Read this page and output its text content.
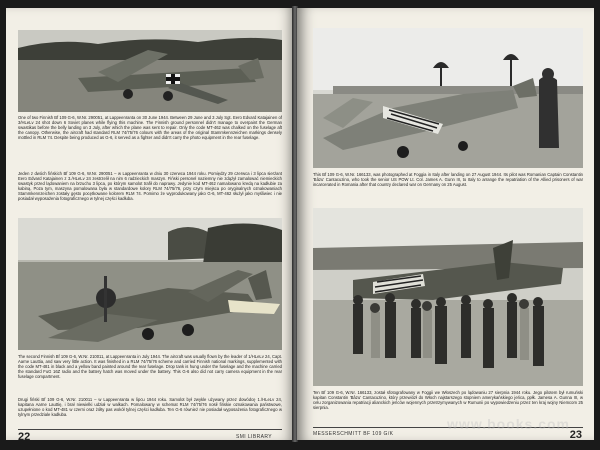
One of two Finnish Bf 109 G-6, W.Nr. 290051, at Lappeenranta on 30 June 1944. Between 29 June and 3 July Sgt. Eero Edvard Katajainen of 3/HLeLv 24 shot down 6 Soviet planes while flying this machine. The Finnish ground personnel didn't manage to overpaint the German swastikas before the belly landing on 3 July, after which the plane was sent to repair. Only the code MT-462 was chalked on the fuselage aft the canopy. Otherwise, the aircraft had standard RLM 74/75/76 colours with the areas of the original Stammkennzeichen markings densely mottled in RLM 74. Despite being produced as G-6, it served as a fighter and didn't carry the photo equipment in the rear fuselage.
Jeden z dwóch fińskich Bf 109 G-6, W.Nr. 290051 – w Lappeenranta w dniu 30 czerwca 1944 roku. Pomiędzy 29 czerwca i 3 lipca sierżant Eero Edvard Katajainen z 3./HLeLv 24 zestrzelił na nim 6 radzieckich maszyn. Fiński personel naziemny nie zdążył zamalować niemieckich swastyk przed lądowaniem na brzuchu 3 lipca, po którym samolot trafił do naprawy. Jedynie kod MT-462 namalowano kredą na kadłubie za kabiną. Poza tym, maszyna pomalowana była w standardowe kolory RLM 74/75/76, przy czym miejsca po oryginalnych oznakowaniach Stammkennzeichen zostały gęsto pocętkowane kolorem RLM 74. Pomimo że wyprodukowany jako G-6, MT-462 służył jako myśliwiec i nie posiadał wyposażenia fotograficznego w tylnej części kadłuba.
The second Finnish Bf 109 G-6, W.Nr. 210011, at Lappeenranta in July 1944. The aircraft was usually flown by the leader of 1/HLeLv 24, Capt. Aarne Lauttia, and saw very little action. It was finished in a RLM 74/75/76 scheme and carried Finnish national markings, supplemented with the code MT-481 in black and a yellow band painted around the rear fuselage. Drop tank is hung under the fuselage and the machine carried the standard FuG 16Z radio and the battery hatch was moved under the battery. This G-6 also did not carry camera equipment in the rear fuselage compartment.
Drugi fiński Bf 109 G-6, W.Nr. 210011 – w Lappeenranta w lipcu 1944 roku. Samolot był zwykle używany przez dowódcę 1./HLeLv 24, kapitana Aarne Lauttię, i brał niewielki udział w walkach. Pomalowany w schemat RLM 74/75/76 nosił fińskie oznakowania państwowe, uzupełnione o kod MT-481 w czerni oraz żółty pas wokół tylnej części kadłuba. Ten G-6 również nie posiadał wyposażenia fotograficznego w tylnym przedziale kadłuba.
22	SMI LIBRARY
This Bf 109 G-6, W.Nr. 166133, was photographed at Foggia in Italy after landing on 27 August 1944. Its pilot was Romanian Captain Constantin 'Bâzu' Cantacuzino, who took the senior US POW Lt. Col. James A. Gunn III, to Italy to arrange the repatriation of the Allied prisoners of war incarcerated in Romania after that country declared war on Germany on 25 August.
Ten Bf 109 G-6, W.Nr. 166133, został sfotografowany w Foggii we Włoszech po lądowaniu 27 sierpnia 1944 roku. Jego pilotem był rumuński kapitan Constantin 'Bâzu' Cantacuzino, który przewiózł do Włoch najstarszego stopniem amerykańskiego jeńca, ppłk. Jamesa A. Gunna III, w celu zorganizowania repatriacji alianckich jeńców wojennych przetrzymywanych w Rumunii po wypowiedzeniu przez ten kraj wojny Niemcom 25 sierpnia.
MESSERSCHMITT BF 109 G/K	23
www.books.com
